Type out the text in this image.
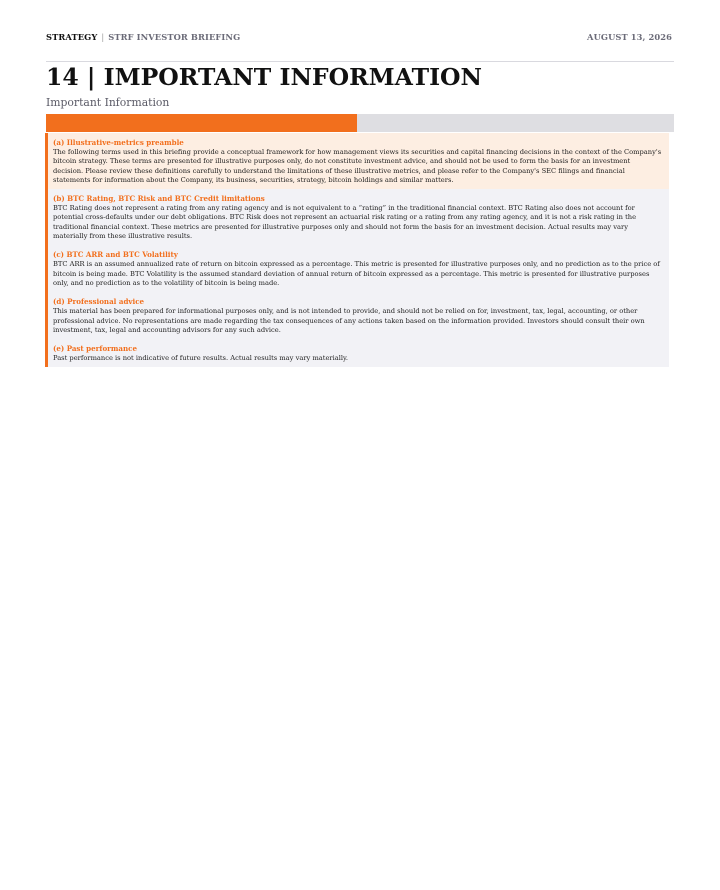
STRATEGY | STRF INVESTOR BRIEFING	AUGUST 13, 2026
14 | IMPORTANT INFORMATION
Important Information
(a) Illustrative-metrics preamble

The following terms used in this briefing provide a conceptual framework for how management views its securities and capital financing decisions in the context of the Company's bitcoin strategy. These terms are presented for illustrative purposes only, do not constitute investment advice, and should not be used to form the basis for an investment decision. Please review these definitions carefully to understand the limitations of these illustrative metrics, and please refer to the Company's SEC filings and financial statements for information about the Company, its business, securities, strategy, bitcoin holdings and similar matters.

(b) BTC Rating, BTC Risk and BTC Credit limitations

BTC Rating does not represent a rating from any rating agency and is not equivalent to a “rating” in the traditional financial context. BTC Rating also does not account for potential cross-defaults under our debt obligations. BTC Risk does not represent an actuarial risk rating or a rating from any rating agency, and it is not a risk rating in the traditional financial context. These metrics are presented for illustrative purposes only and should not form the basis for an investment decision. Actual results may vary materially from these illustrative results.

(c) BTC ARR and BTC Volatility

BTC ARR is an assumed annualized rate of return on bitcoin expressed as a percentage. This metric is presented for illustrative purposes only, and no prediction as to the price of bitcoin is being made. BTC Volatility is the assumed standard deviation of annual return of bitcoin expressed as a percentage. This metric is presented for illustrative purposes only, and no prediction as to the volatility of bitcoin is being made.

(d) Professional advice

This material has been prepared for informational purposes only, and is not intended to provide, and should not be relied on for, investment, tax, legal, accounting, or other professional advice. No representations are made regarding the tax consequences of any actions taken based on the information provided. Investors should consult their own investment, tax, legal and accounting advisors for any such advice.

(e) Past performance

Past performance is not indicative of future results. Actual results may vary materially.
